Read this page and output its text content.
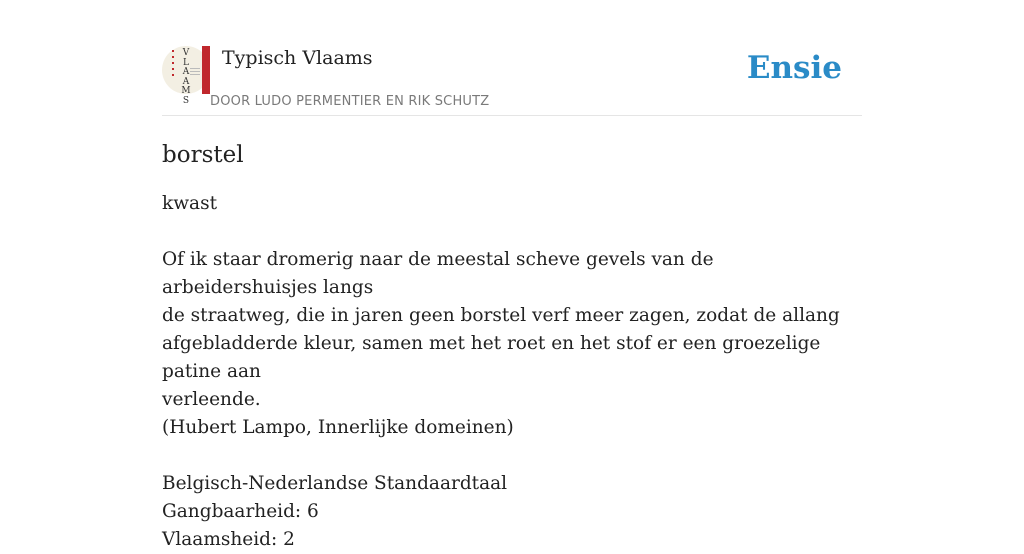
V
L
A
A
M
S
Typisch Vlaams
DOOR LUDO PERMENTIER EN RIK SCHUTZ
Ensie
borstel

kwast

Of ik staar dromerig naar de meestal scheve gevels van de arbeidershuisjes langs
de straatweg, die in jaren geen borstel verf meer zagen, zodat de allang
afgebladderde kleur, samen met het roet en het stof er een groezelige patine aan
verleende.
(Hubert Lampo, Innerlijke domeinen)
Belgisch-Nederlandse Standaardtaal
Gangbaarheid: 6
Vlaamsheid: 2
